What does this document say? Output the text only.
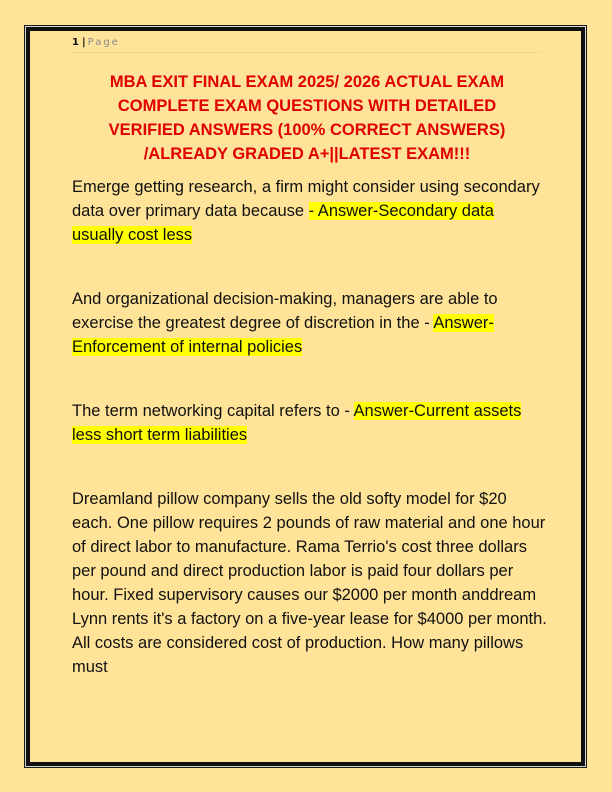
1 | Page
MBA EXIT FINAL EXAM 2025/ 2026 ACTUAL EXAM
COMPLETE EXAM QUESTIONS WITH DETAILED
VERIFIED ANSWERS (100% CORRECT ANSWERS)
/ALREADY GRADED A+||LATEST EXAM!!!

Emerge getting research, a firm might consider using secondary data over primary data because - Answer-Secondary data usually cost less

And organizational decision-making, managers are able to exercise the greatest degree of discretion in the - Answer-Enforcement of internal policies

The term networking capital refers to - Answer-Current assets less short term liabilities

Dreamland pillow company sells the old softy model for $20 each. One pillow requires 2 pounds of raw material and one hour of direct labor to manufacture. Rama Terrio's cost three dollars per pound and direct production labor is paid four dollars per hour. Fixed supervisory causes our $2000 per month anddream Lynn rents it's a factory on a five-year lease for $4000 per month. All costs are considered cost of production. How many pillows must
